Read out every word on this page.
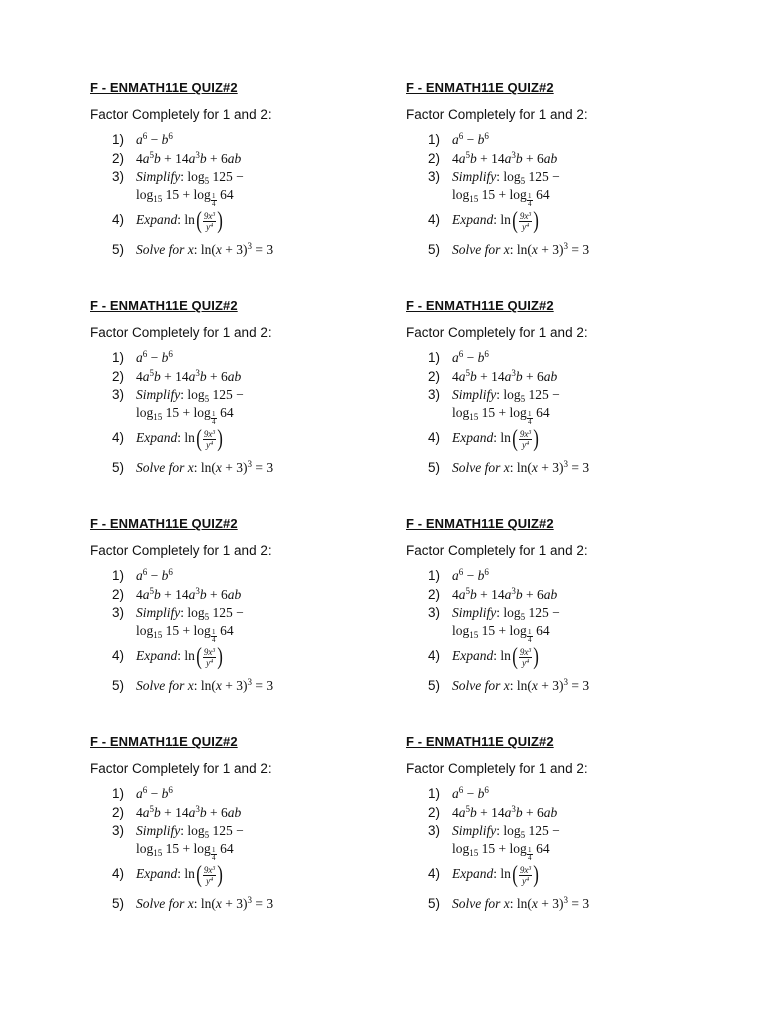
F - ENMATH11E QUIZ#2
Factor Completely for 1 and 2:
1) $a^6 - b^6$
2) $4a^5b + 14a^3b + 6ab$
3) Simplify: $\log_5 125$ −
$\log_{15} 15 + \log \frac{1}{4} 64$
4) Expand: $\ln( \frac{9x^3}{y^4}$ )
5) Solve for x: $\ln(x + 3)^3 = 3$
F - ENMATH11E QUIZ#2
Factor Completely for 1 and 2:
1) $a^6 - b^6$
2) $4a^5b + 14a^3b + 6ab$
3) Simplify: $\log_5 125$ −
$\log_{15} 15 + \log \frac{1}{4} 64$
4) Expand: $\ln( \frac{9x^3}{y^4}$ )
5) Solve for x: $\ln(x + 3)^3 = 3$
F - ENMATH11E QUIZ#2
Factor Completely for 1 and 2:
1) $a^6 - b^6$
2) $4a^5b + 14a^3b + 6ab$
3) Simplify: $\log_5 125$ −
$\log_{15} 15 + \log \frac{1}{4} 64$
4) Expand: $\ln( \frac{9x^3}{y^4}$ )
5) Solve for x: $\ln(x + 3)^3 = 3$
F - ENMATH11E QUIZ#2
Factor Completely for 1 and 2:
1) $a^6 - b^6$
2) $4a^5b + 14a^3b + 6ab$
3) Simplify: $\log_5 125$ −
$\log_{15} 15 + \log \frac{1}{4} 64$
4) Expand: $\ln( \frac{9x^3}{y^4}$ )
5) Solve for x: $\ln(x + 3)^3 = 3$
F - ENMATH11E QUIZ#2
Factor Completely for 1 and 2:
1) $a^6 - b^6$
2) $4a^5b + 14a^3b + 6ab$
3) Simplify: $\log_5 125$ −
$\log_{15} 15 + \log \frac{1}{4} 64$
4) Expand: $\ln( \frac{9x^3}{y^4}$ )
5) Solve for x: $\ln(x + 3)^3 = 3$
F - ENMATH11E QUIZ#2
Factor Completely for 1 and 2:
1) $a^6 - b^6$
2) $4a^5b + 14a^3b + 6ab$
3) Simplify: $\log_5 125$ −
$\log_{15} 15 + \log \frac{1}{4} 64$
4) Expand: $\ln( \frac{9x^3}{y^4}$ )
5) Solve for x: $\ln(x + 3)^3 = 3$
F - ENMATH11E QUIZ#2
Factor Completely for 1 and 2:
1) $a^6 - b^6$
2) $4a^5b + 14a^3b + 6ab$
3) Simplify: $\log_5 125$ −
$\log_{15} 15 + \log \frac{1}{4} 64$
4) Expand: $\ln( \frac{9x^3}{y^4}$ )
5) Solve for x: $\ln(x + 3)^3 = 3$
F - ENMATH11E QUIZ#2
Factor Completely for 1 and 2:
1) $a^6 - b^6$
2) $4a^5b + 14a^3b + 6ab$
3) Simplify: $\log_5 125$ −
$\log_{15} 15 + \log \frac{1}{4} 64$
4) Expand: $\ln( \frac{9x^3}{y^4}$ )
5) Solve for x: $\ln(x + 3)^3 = 3$
